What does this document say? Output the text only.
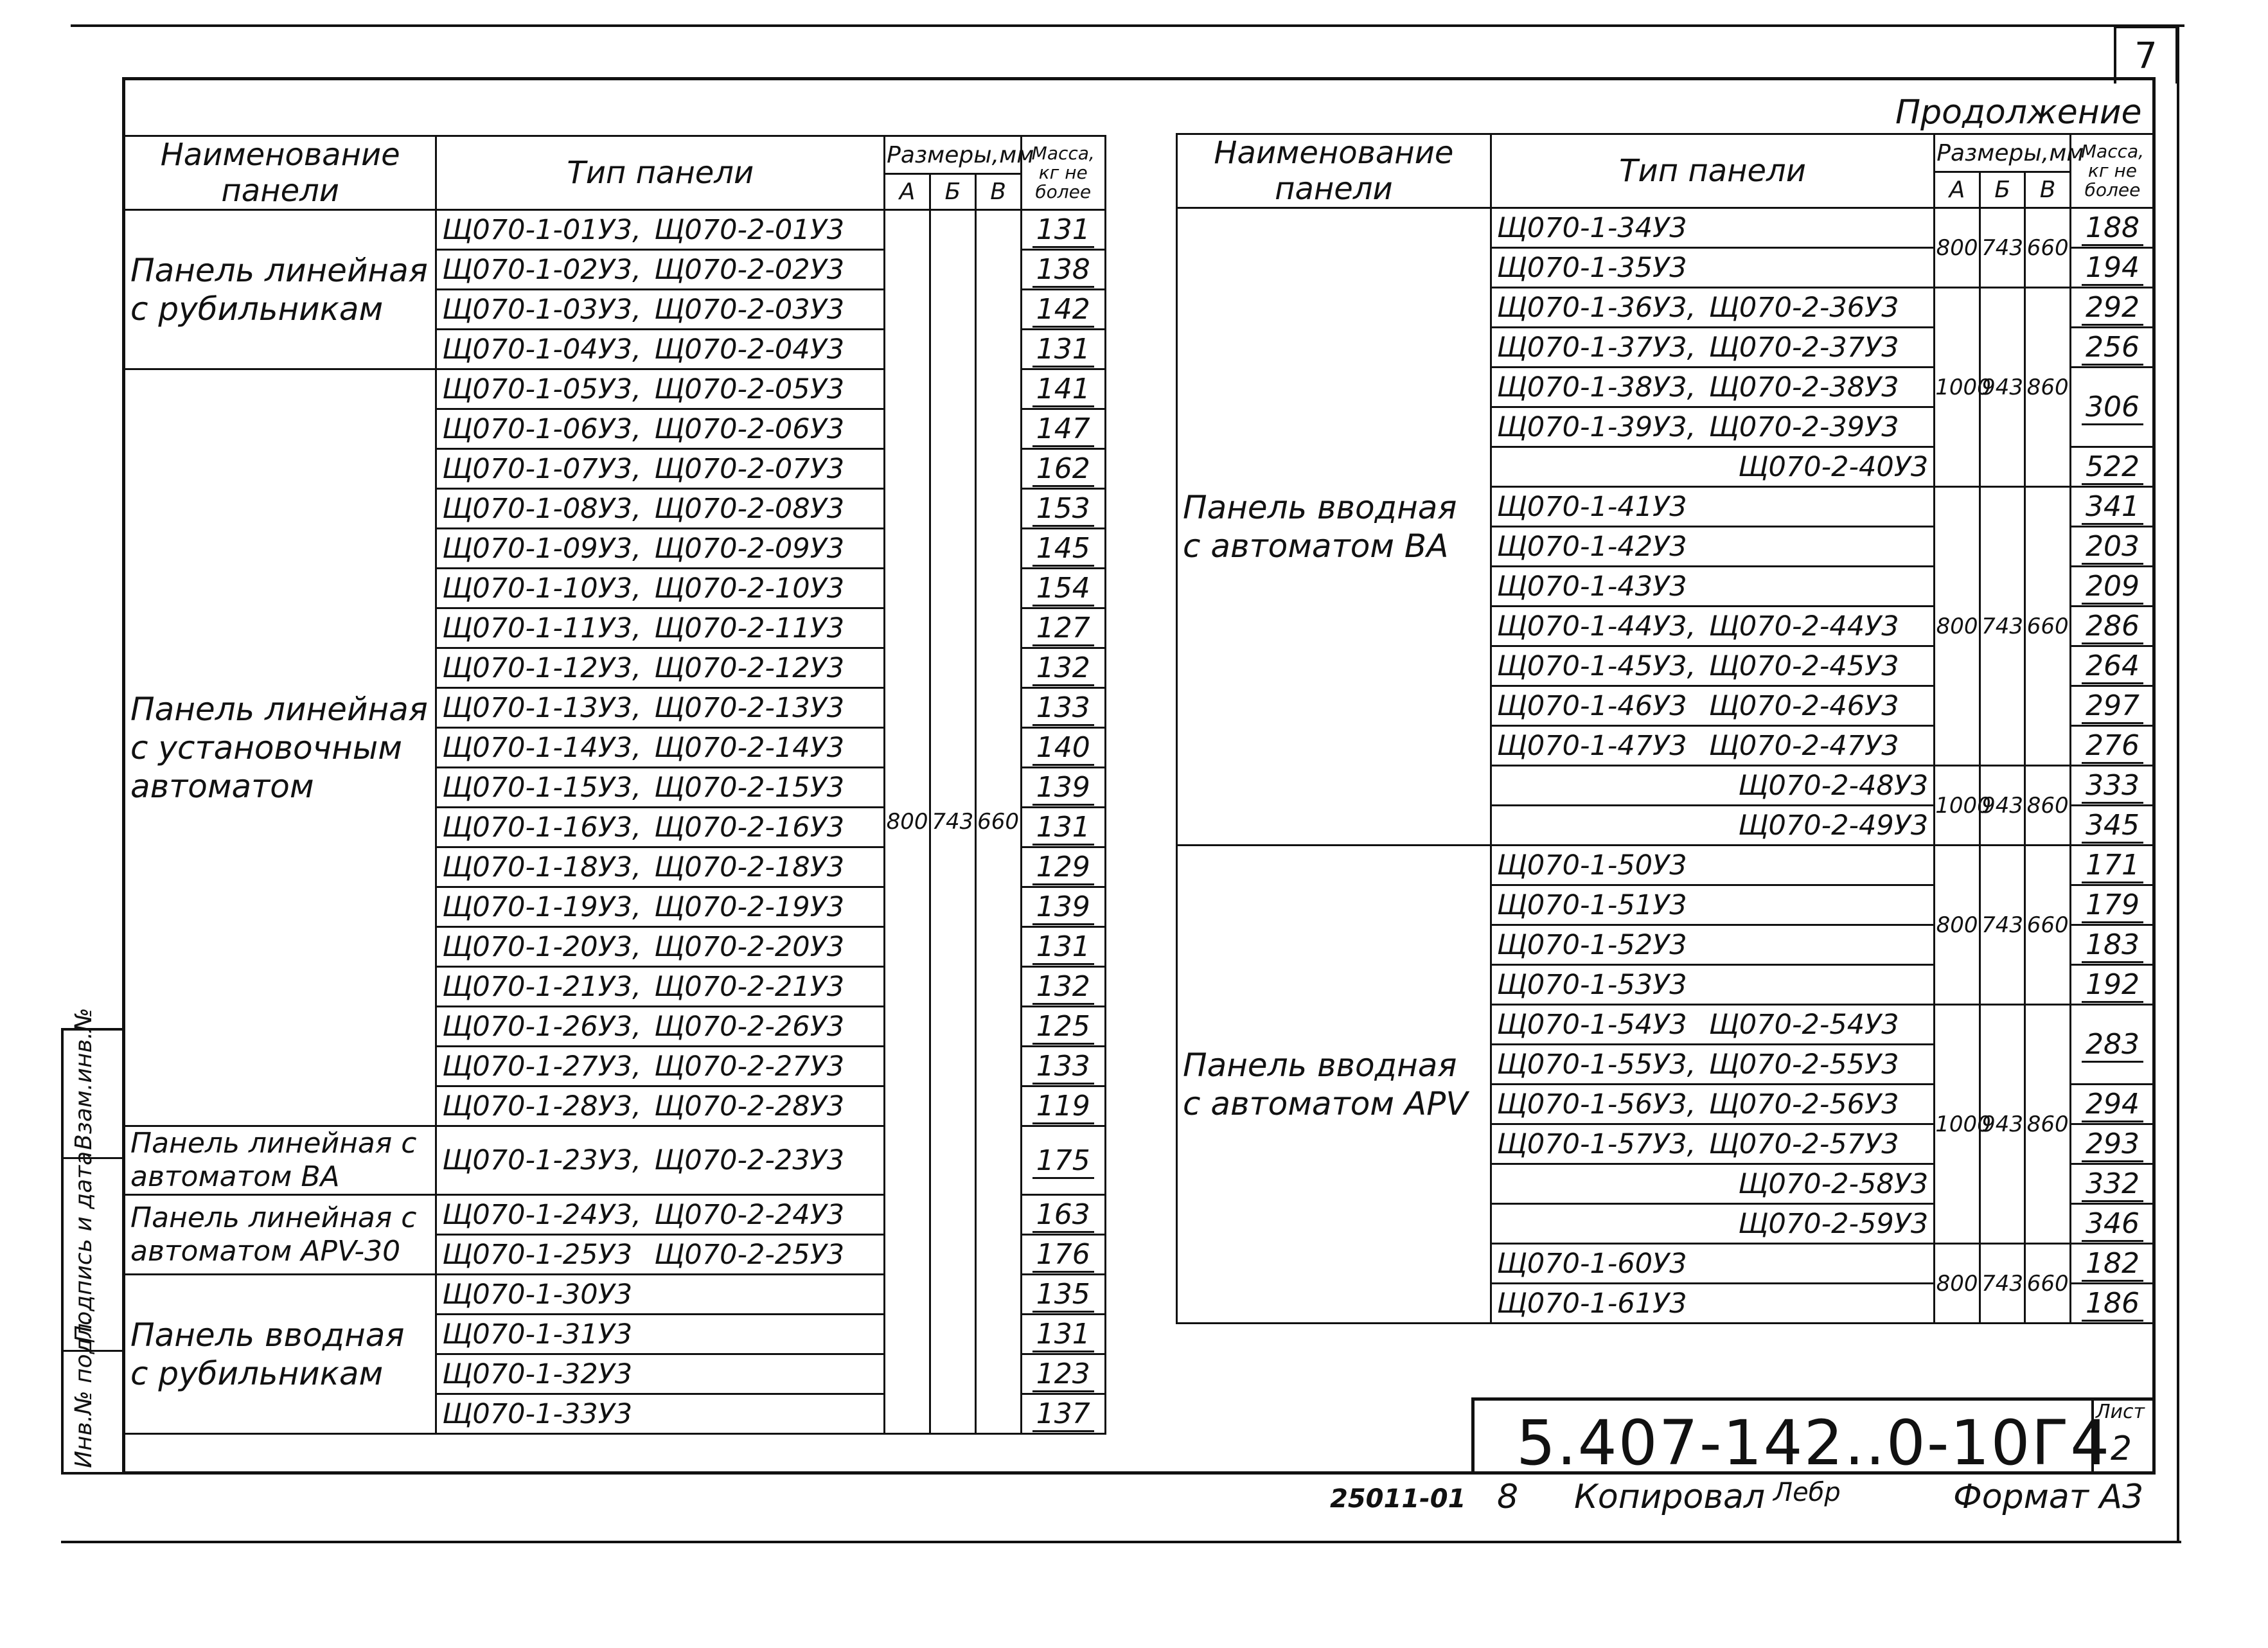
7
Продолжение
Наименование панели	Тип панели	Размеры,мм			Масса, кг не более
		А	Б	В	
Панель линейная с рубильникам	Щ070-1-01У3, Щ070-2-01У3	800	743	660	131
	Щ070-1-02У3, Щ070-2-02У3				138
	Щ070-1-03У3, Щ070-2-03У3				142
	Щ070-1-04У3, Щ070-2-04У3				131
Панель линейная с установочным автоматом	Щ070-1-05У3, Щ070-2-05У3				141
	Щ070-1-06У3, Щ070-2-06У3				147
	Щ070-1-07У3, Щ070-2-07У3				162
	Щ070-1-08У3, Щ070-2-08У3				153
	Щ070-1-09У3, Щ070-2-09У3				145
	Щ070-1-10У3, Щ070-2-10У3				154
	Щ070-1-11У3, Щ070-2-11У3				127
	Щ070-1-12У3, Щ070-2-12У3				132
	Щ070-1-13У3, Щ070-2-13У3				133
	Щ070-1-14У3, Щ070-2-14У3				140
	Щ070-1-15У3, Щ070-2-15У3				139
	Щ070-1-16У3, Щ070-2-16У3				131
	Щ070-1-18У3, Щ070-2-18У3				129
	Щ070-1-19У3, Щ070-2-19У3				139
	Щ070-1-20У3, Щ070-2-20У3				131
	Щ070-1-21У3, Щ070-2-21У3				132
	Щ070-1-26У3, Щ070-2-26У3				125
	Щ070-1-27У3, Щ070-2-27У3				133
	Щ070-1-28У3, Щ070-2-28У3				119
Панель линейная с автоматом ВА	Щ070-1-23У3, Щ070-2-23У3				175
Панель линейная с автоматом АРV-30	Щ070-1-24У3, Щ070-2-24У3				163
	Щ070-1-25У3 Щ070-2-25У3				176
Панель вводная с рубильникам	Щ070-1-30У3				135
	Щ070-1-31У3				131
	Щ070-1-32У3				123
	Щ070-1-33У3				137
Наименование панели	Тип панели	Размеры,мм			Масса, кг не более
		А	Б	В	
Панель вводная с автоматом ВА	Щ070-1-34У3	800	743	660	188
	Щ070-1-35У3				194
	Щ070-1-36У3, Щ070-2-36У3	1000	943	860	292
	Щ070-1-37У3, Щ070-2-37У3				256
	Щ070-1-38У3, Щ070-2-38У3				306
	Щ070-1-39У3, Щ070-2-39У3				
	Щ070-2-40У3				522
	Щ070-1-41У3	800	743	660	341
	Щ070-1-42У3				203
	Щ070-1-43У3				209
	Щ070-1-44У3, Щ070-2-44У3				286
	Щ070-1-45У3, Щ070-2-45У3				264
	Щ070-1-46У3 Щ070-2-46У3				297
	Щ070-1-47У3 Щ070-2-47У3				276
	Щ070-2-48У3	1000	943	860	333
	Щ070-2-49У3				345
Панель вводная с автоматом АРV	Щ070-1-50У3	800	743	660	171
	Щ070-1-51У3				179
	Щ070-1-52У3				183
	Щ070-1-53У3				192
	Щ070-1-54У3 Щ070-2-54У3	1000	943	860	283
	Щ070-1-55У3, Щ070-2-55У3				
	Щ070-1-56У3, Щ070-2-56У3				294
	Щ070-1-57У3, Щ070-2-57У3				293
	Щ070-2-58У3				332
	Щ070-2-59У3				346
	Щ070-1-60У3	800	743	660	182
	Щ070-1-61У3				186
5.407-142..0-10Г4
Лист
2
25011-01 8 Копировал Лебр	Формат А3
Взам.инв.№
Подпись и дата
Инв.№ подл.
